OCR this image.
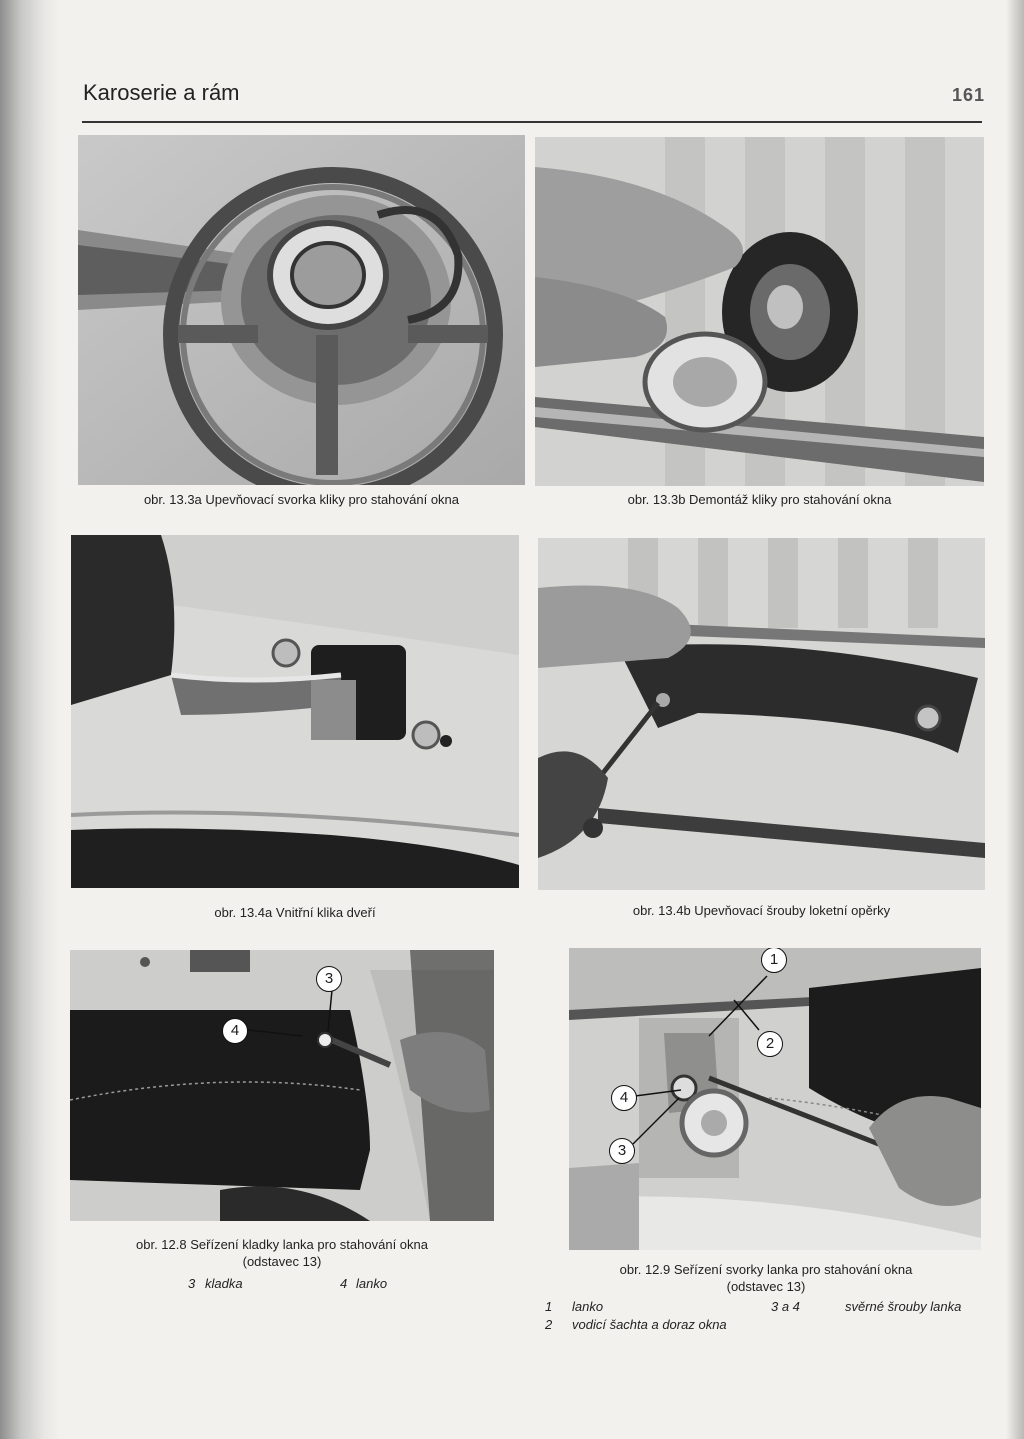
Karoserie a rám	161
obr. 13.3a Upevňovací svorka kliky pro stahování okna	obr. 13.3b Demontáž kliky pro stahování okna
obr. 13.4a Vnitřní klika dveří	obr. 13.4b Upevňovací šrouby loketní opěrky
3
4
obr. 12.8 Seřízení kladky lanka pro stahování okna
(odstavec 13)
3 kladka	4 lanko
1
2
4
3
obr. 12.9 Seřízení svorky lanka pro stahování okna
(odstavec 13)
1 lanko	3 a 4	svěrné šrouby lanka
2 vodicí šachta a doraz okna
